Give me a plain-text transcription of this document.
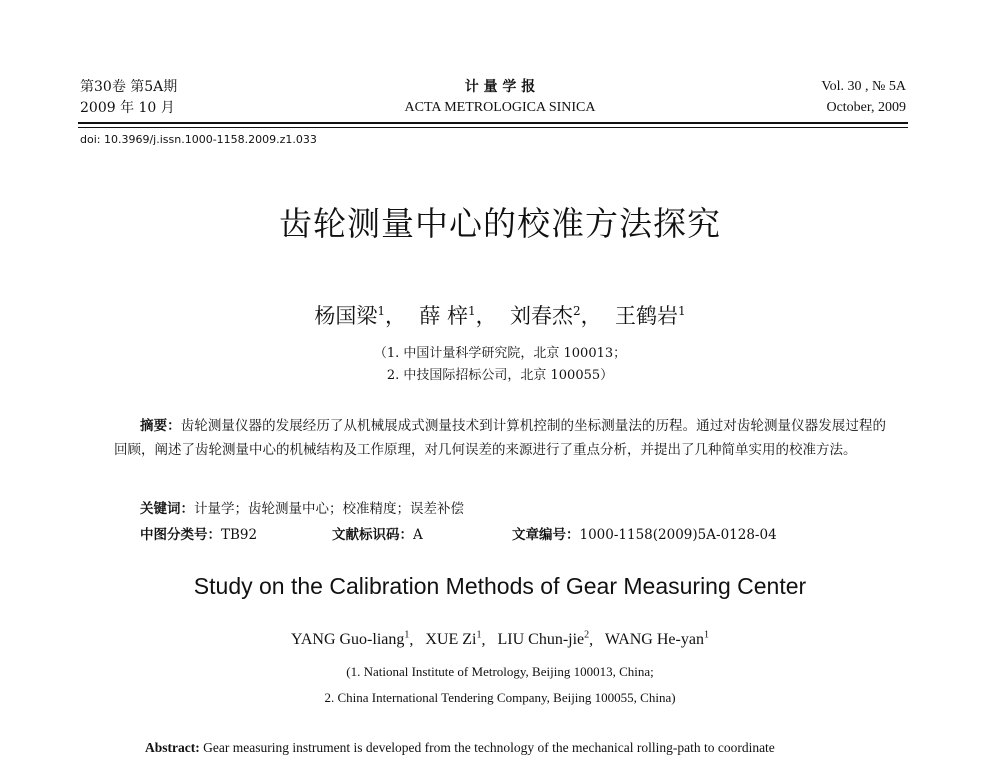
第30卷 第5A期
2009 年 10 月
计 量 学 报
ACTA METROLOGICA SINICA
Vol. 30 , № 5A
October, 2009
doi: 10.3969/j.issn.1000-1158.2009.z1.033
齿轮测量中心的校准方法探究
杨国梁$^1$，  薛 梓$^1$，  刘春杰$^2$，  王鹤岩$^1$
（1. 中国计量科学研究院，北京 100013；
2. 中技国际招标公司，北京 100055）
摘要：齿轮测量仪器的发展经历了从机械展成式测量技术到计算机控制的坐标测量法的历程。通过对齿轮测量仪器发展过程的回顾，阐述了齿轮测量中心的机械结构及工作原理，对几何误差的来源进行了重点分析，并提出了几种简单实用的校准方法。
关键词：计量学；齿轮测量中心；校准精度；误差补偿
中图分类号：TB92	文献标识码：A	文章编号：1000-1158(2009)5A-0128-04
Study on the Calibration Methods of Gear Measuring Center
YANG Guo-liang$^1$,   XUE Zi$^1$,   LIU Chun-jie$^2$,   WANG He-yan$^1$
(1. National Institute of Metrology, Beijing 100013, China;
2. China International Tendering Company, Beijing 100055, China)
Abstract: Gear measuring instrument is developed from the technology of the mechanical rolling-path to coordinate
